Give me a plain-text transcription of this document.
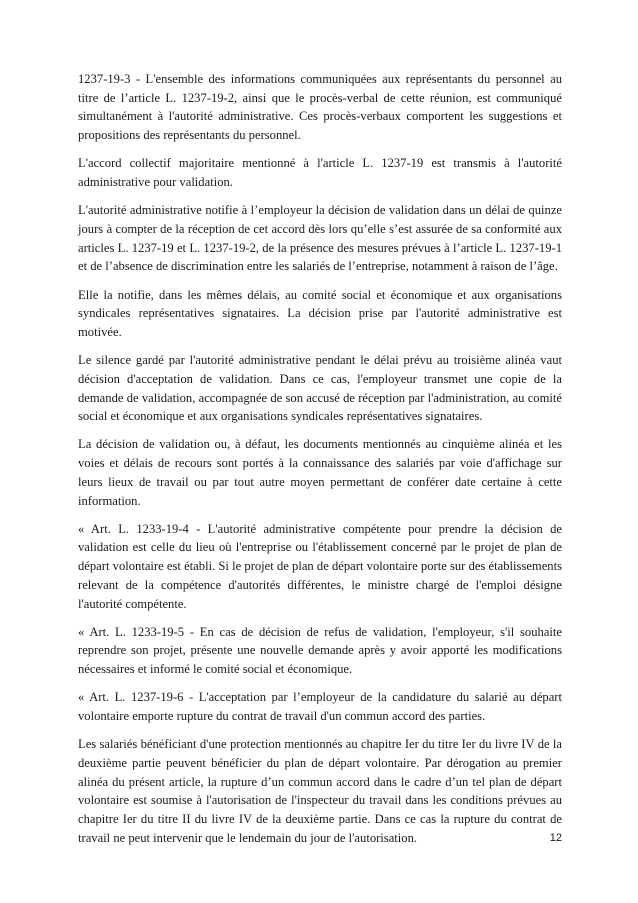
1237-19-3 - L'ensemble des informations communiquées aux représentants du personnel au titre de l’article L. 1237-19-2, ainsi que le procès-verbal de cette réunion, est communiqué simultanément à l'autorité administrative. Ces procès-verbaux comportent les suggestions et propositions des représentants du personnel.

L'accord collectif majoritaire mentionné à l'article L. 1237-19 est transmis à l'autorité administrative pour validation.

L'autorité administrative notifie à l’employeur la décision de validation dans un délai de quinze jours à compter de la réception de cet accord dès lors qu’elle s’est assurée de sa conformité aux articles L. 1237-19 et L. 1237-19-2, de la présence des mesures prévues à l’article L. 1237-19-1 et de l’absence de discrimination entre les salariés de l’entreprise, notamment à raison de l’âge.

Elle la notifie, dans les mêmes délais, au comité social et économique et aux organisations syndicales représentatives signataires. La décision prise par l'autorité administrative est motivée.

Le silence gardé par l'autorité administrative pendant le délai prévu au troisième alinéa vaut décision d'acceptation de validation. Dans ce cas, l'employeur transmet une copie de la demande de validation, accompagnée de son accusé de réception par l'administration, au comité social et économique et aux organisations syndicales représentatives signataires.

La décision de validation ou, à défaut, les documents mentionnés au cinquième alinéa et les voies et délais de recours sont portés à la connaissance des salariés par voie d'affichage sur leurs lieux de travail ou par tout autre moyen permettant de conférer date certaine à cette information.

« Art. L. 1233-19-4 - L'autorité administrative compétente pour prendre la décision de validation est celle du lieu où l'entreprise ou l'établissement concerné par le projet de plan de départ volontaire est établi. Si le projet de plan de départ volontaire porte sur des établissements relevant de la compétence d'autorités différentes, le ministre chargé de l'emploi désigne l'autorité compétente.

« Art. L. 1233-19-5 - En cas de décision de refus de validation, l'employeur, s'il souhaite reprendre son projet, présente une nouvelle demande après y avoir apporté les modifications nécessaires et informé le comité social et économique.

« Art. L. 1237-19-6 - L'acceptation par l’employeur de la candidature du salarié au départ volontaire emporte rupture du contrat de travail d'un commun accord des parties.

Les salariés bénéficiant d'une protection mentionnés au chapitre Ier du titre Ier du livre IV de la deuxième partie peuvent bénéficier du plan de départ volontaire. Par dérogation au premier alinéa du présent article, la rupture d’un commun accord dans le cadre d’un tel plan de départ volontaire est soumise à l'autorisation de l'inspecteur du travail dans les conditions prévues au chapitre Ier du titre II du livre IV de la deuxième partie. Dans ce cas la rupture du contrat de travail ne peut intervenir que le lendemain du jour de l'autorisation.	12
